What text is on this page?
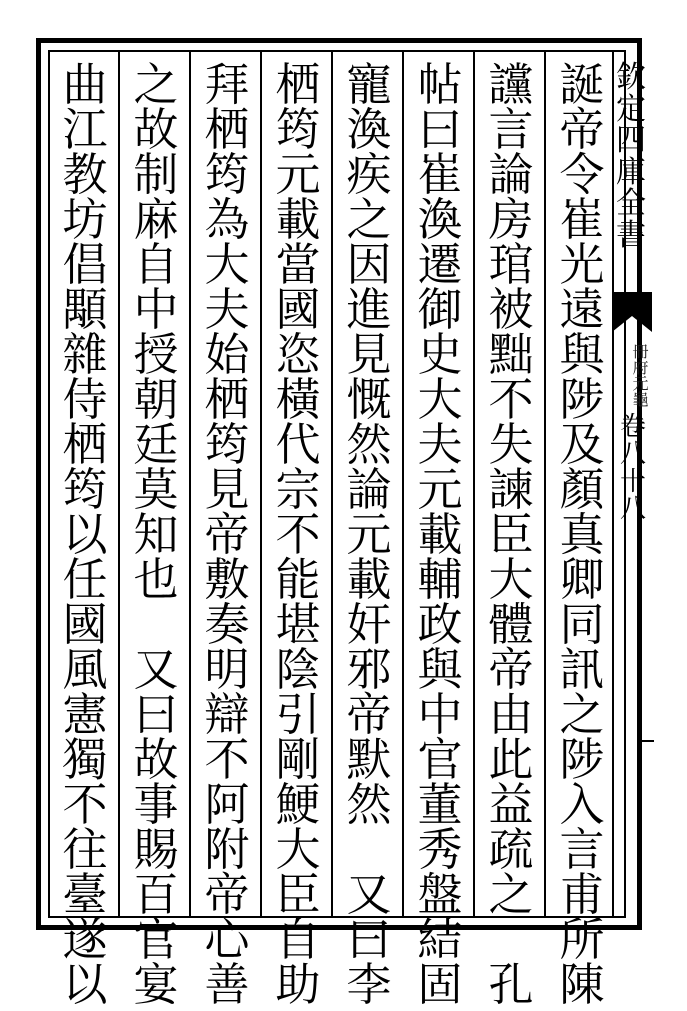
誕
帝
令
崔
光
遠
與
陟
及
顏
真
卿
同
訊
之
陟
入
言
甫
所
陳
讜
言
論
房
琯
被
黜
不
失
諫
臣
大
體
帝
由
此
益
疏
之

孔
帖
曰
崔
渙
遷
御
史
大
夫
元
載
輔
政
與
中
官
董
秀
盤
結
固
寵
渙
疾
之
因
進
見
慨
然
論
元
載
奸
邪
帝
默
然

又
曰
李
栖
筠
元
載
當
國
恣
橫
代
宗
不
能
堪
陰
引
剛
鯁
大
臣
自
助
拜
栖
筠
為
大
夫
始
栖
筠
見
帝
敷
奏
明
辯
不
阿
附
帝
心
善
之
故
制
麻
自
中
授
朝
廷
莫
知
也

又
曰
故
事
賜
百
官
宴
曲
江
教
坊
倡
顒
雜
侍
栖
筠
以
任
國
風
憲
獨
不
往
臺
遂
以
欽
定
四
庫
全
書
冊府元龜
卷
八
十
八
